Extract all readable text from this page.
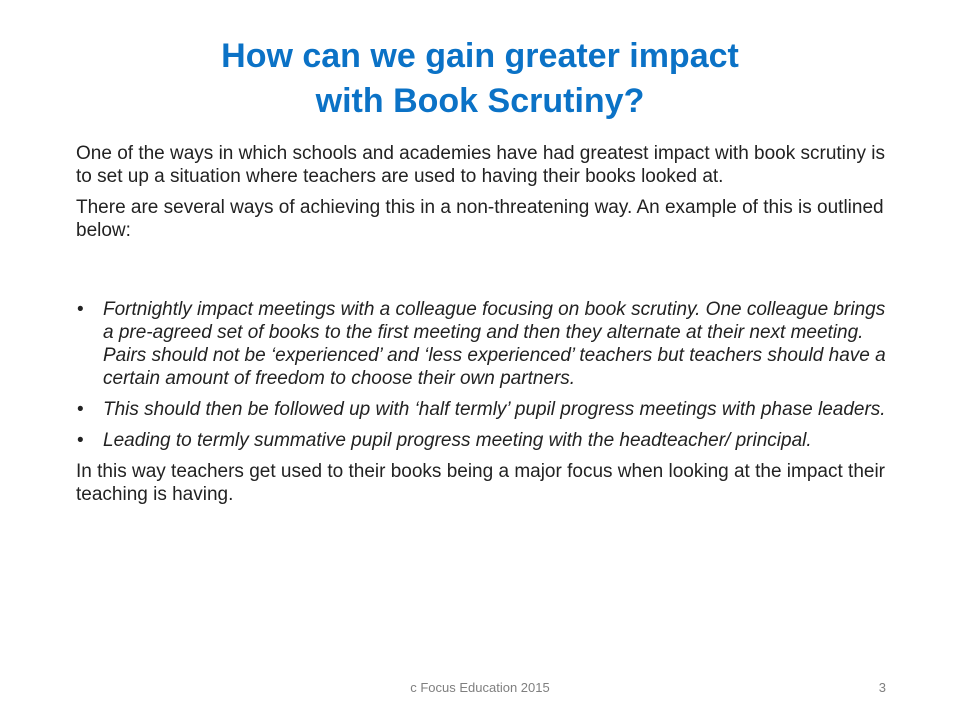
How can we gain greater impact
with Book Scrutiny?

One of the ways in which schools and academies have had greatest impact with book scrutiny is to set up a situation where teachers are used to having their books looked at.

There are several ways of achieving this in a non-threatening way. An example of this is outlined below:

• Fortnightly impact meetings with a colleague focusing on book scrutiny. One colleague brings a pre-agreed set of books to the first meeting and then they alternate at their next meeting. Pairs should not be ‘experienced’ and ‘less experienced’ teachers but teachers should have a certain amount of freedom to choose their own partners.
• This should then be followed up with ‘half termly’ pupil progress meetings with phase leaders.
• Leading to termly summative pupil progress meeting with the headteacher/ principal.

In this way teachers get used to their books being a major focus when looking at the impact their teaching is having.

c Focus Education 2015	3
